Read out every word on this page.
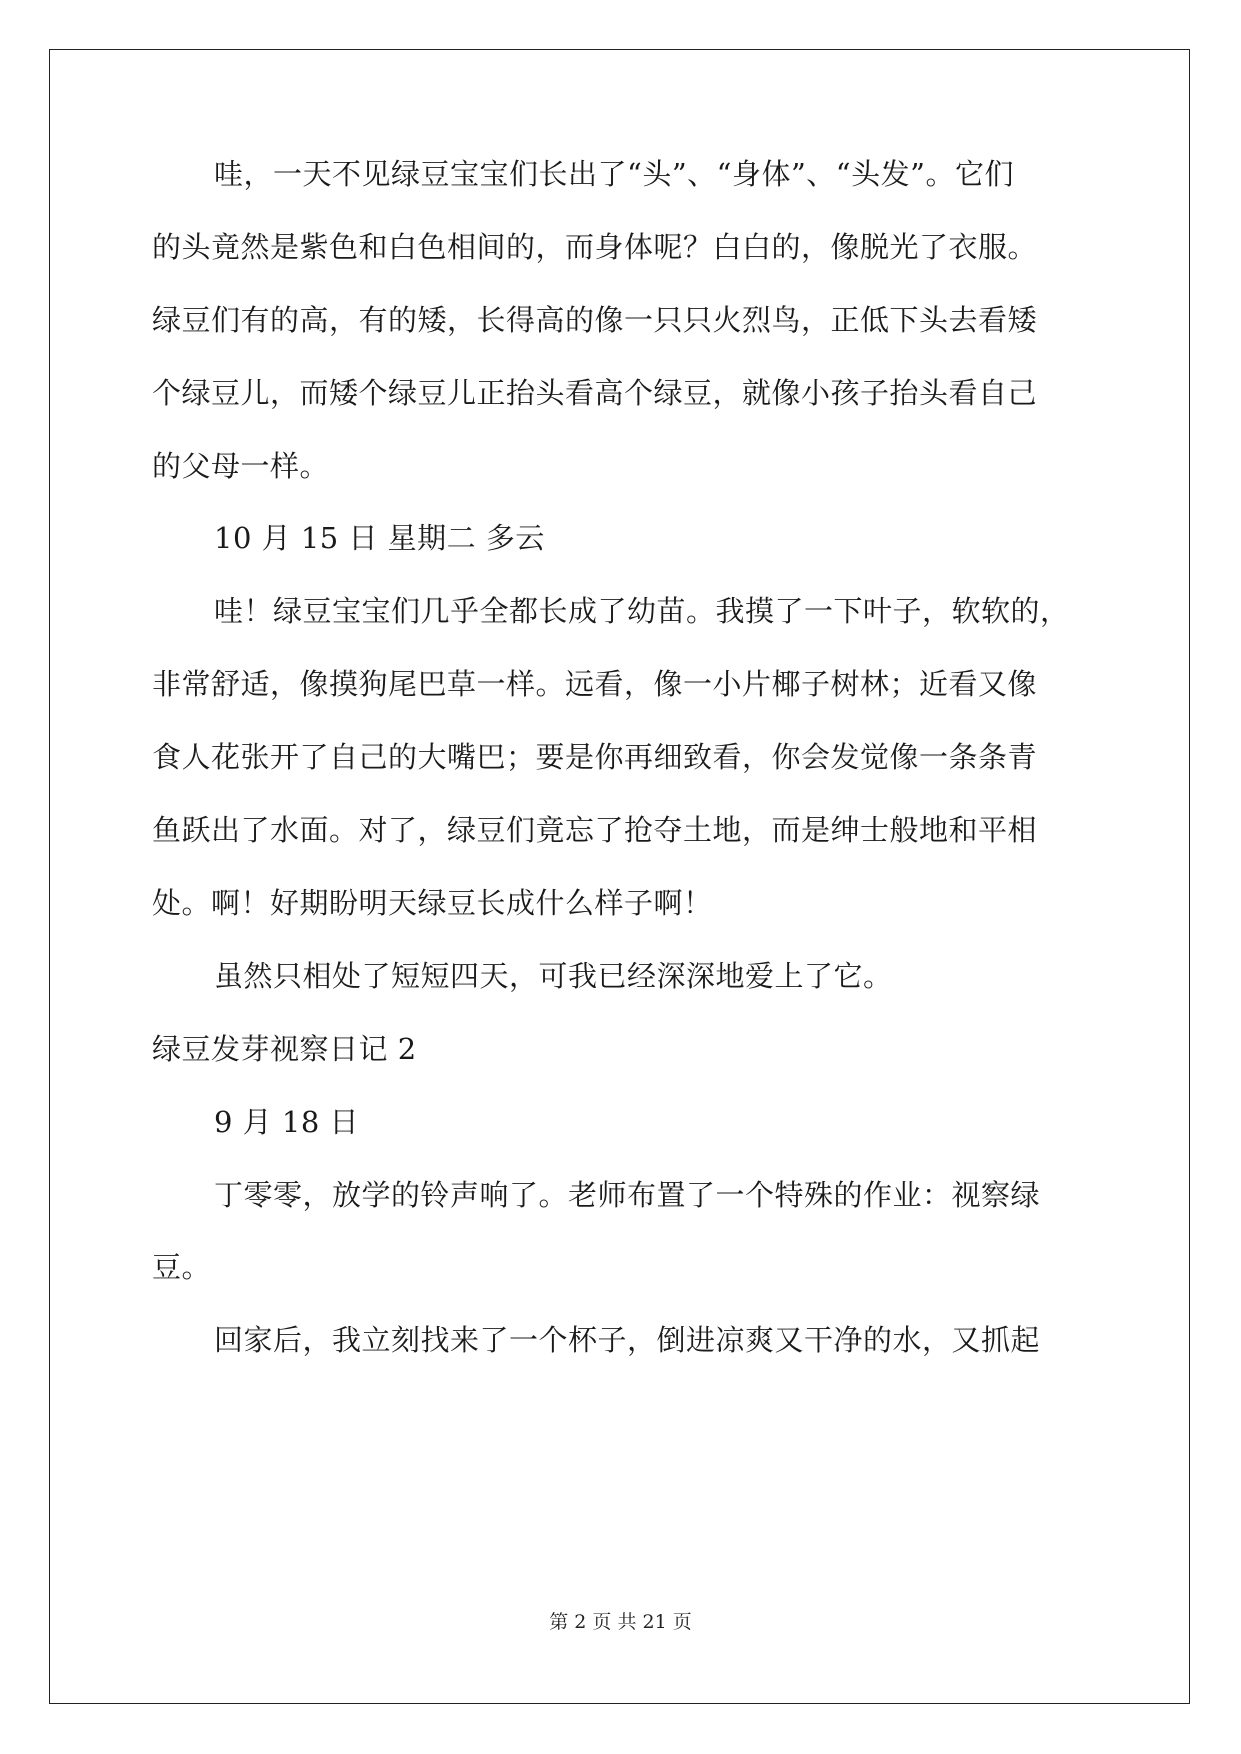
哇，一天不见绿豆宝宝们长出了“头”、“身体”、“头发”。它们
的头竟然是紫色和白色相间的，而身体呢？白白的，像脱光了衣服。
绿豆们有的高，有的矮，长得高的像一只只火烈鸟，正低下头去看矮
个绿豆儿，而矮个绿豆儿正抬头看高个绿豆，就像小孩子抬头看自己
的父母一样。
10 月 15 日 星期二 多云
哇！绿豆宝宝们几乎全都长成了幼苗。我摸了一下叶子，软软的，
非常舒适，像摸狗尾巴草一样。远看，像一小片椰子树林；近看又像
食人花张开了自己的大嘴巴；要是你再细致看，你会发觉像一条条青
鱼跃出了水面。对了，绿豆们竟忘了抢夺土地，而是绅士般地和平相
处。啊！好期盼明天绿豆长成什么样子啊！
虽然只相处了短短四天，可我已经深深地爱上了它。
绿豆发芽视察日记 2
9 月 18 日
丁零零，放学的铃声响了。老师布置了一个特殊的作业：视察绿
豆。
回家后，我立刻找来了一个杯子，倒进凉爽又干净的水，又抓起
第 2 页 共 21 页
